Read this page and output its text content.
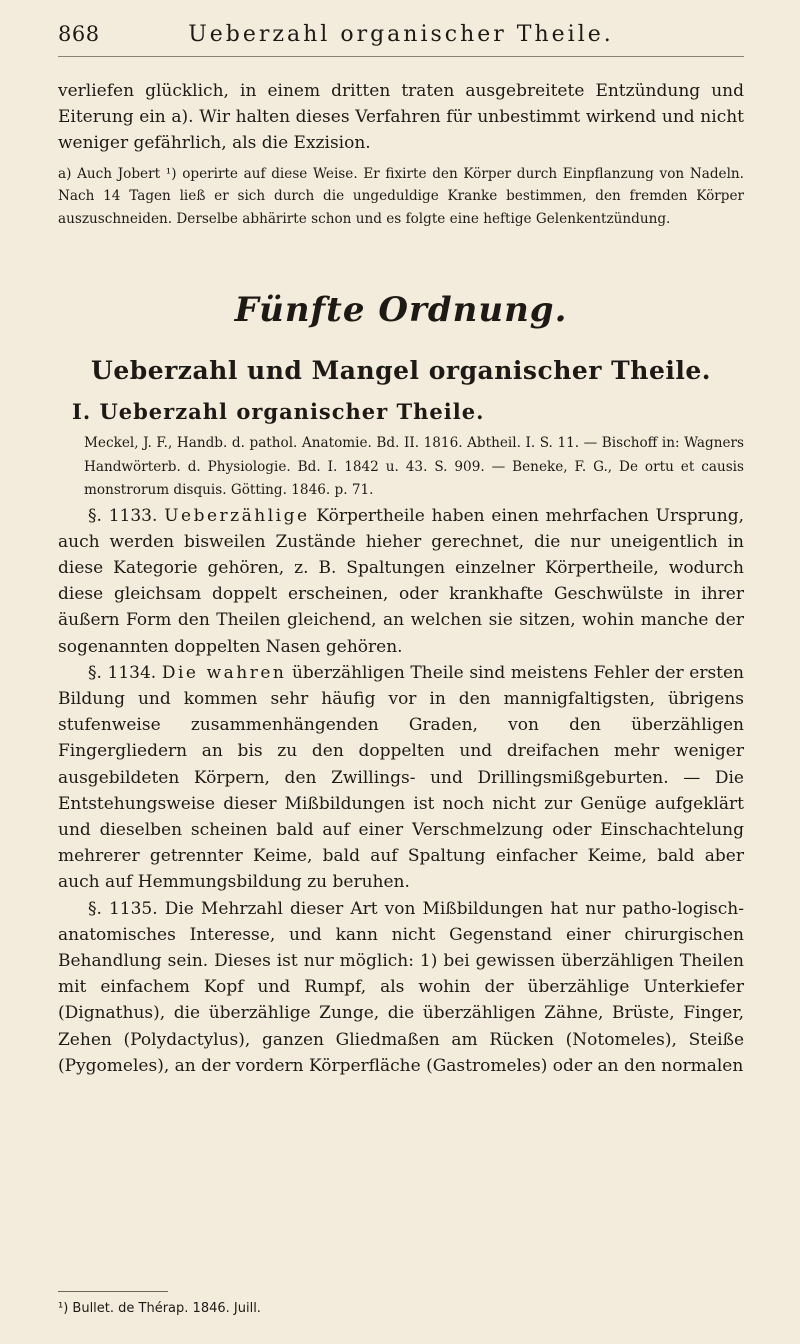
868	Ueberzahl organischer Theile.

verliefen glücklich, in einem dritten traten ausgebreitete Entzündung und Eiterung ein a). Wir halten dieses Verfahren für unbestimmt wirkend und nicht weniger gefährlich, als die Exzision.

a) Auch Jobert ¹) operirte auf diese Weise. Er fixirte den Körper durch Einpflanzung von Nadeln. Nach 14 Tagen ließ er sich durch die ungeduldige Kranke bestimmen, den fremden Körper auszuschneiden. Derselbe abhärirte schon und es folgte eine heftige Gelenkentzündung.

Fünfte Ordnung.
Ueberzahl und Mangel organischer Theile.
I. Ueberzahl organischer Theile.

Meckel, J. F., Handb. d. pathol. Anatomie. Bd. II. 1816. Abtheil. I. S. 11. — Bischoff in: Wagners Handwörterb. d. Physiologie. Bd. I. 1842 u. 43. S. 909. — Beneke, F. G., De ortu et causis monstrorum disquis. Götting. 1846. p. 71.

§. 1133. Ueberzählige Körpertheile haben einen mehrfachen Ursprung, auch werden bisweilen Zustände hieher gerechnet, die nur uneigentlich in diese Kategorie gehören, z. B. Spaltungen einzelner Körpertheile, wodurch diese gleichsam doppelt erscheinen, oder krankhafte Geschwülste in ihrer äußern Form den Theilen gleichend, an welchen sie sitzen, wohin manche der sogenannten doppelten Nasen gehören.

§. 1134. Die wahren überzähligen Theile sind meistens Fehler der ersten Bildung und kommen sehr häufig vor in den mannigfaltigsten, übrigens stufenweise zusammenhängenden Graden, von den überzähligen Fingergliedern an bis zu den doppelten und dreifachen mehr weniger ausgebildeten Körpern, den Zwillings- und Drillingsmißgeburten. — Die Entstehungsweise dieser Mißbildungen ist noch nicht zur Genüge aufgeklärt und dieselben scheinen bald auf einer Verschmelzung oder Einschachtelung mehrerer getrennter Keime, bald auf Spaltung einfacher Keime, bald aber auch auf Hemmungsbildung zu beruhen.

§. 1135. Die Mehrzahl dieser Art von Mißbildungen hat nur patho-logisch-anatomisches Interesse, und kann nicht Gegenstand einer chirurgischen Behandlung sein. Dieses ist nur möglich: 1) bei gewissen überzähligen Theilen mit einfachem Kopf und Rumpf, als wohin der überzählige Unterkiefer (Dignathus), die überzählige Zunge, die überzähligen Zähne, Brüste, Finger, Zehen (Polydactylus), ganzen Gliedmaßen am Rücken (Notomeles), Steiße (Pygomeles), an der vordern Körperfläche (Gastromeles) oder an den normalen

¹) Bullet. de Thérap. 1846. Juill.
